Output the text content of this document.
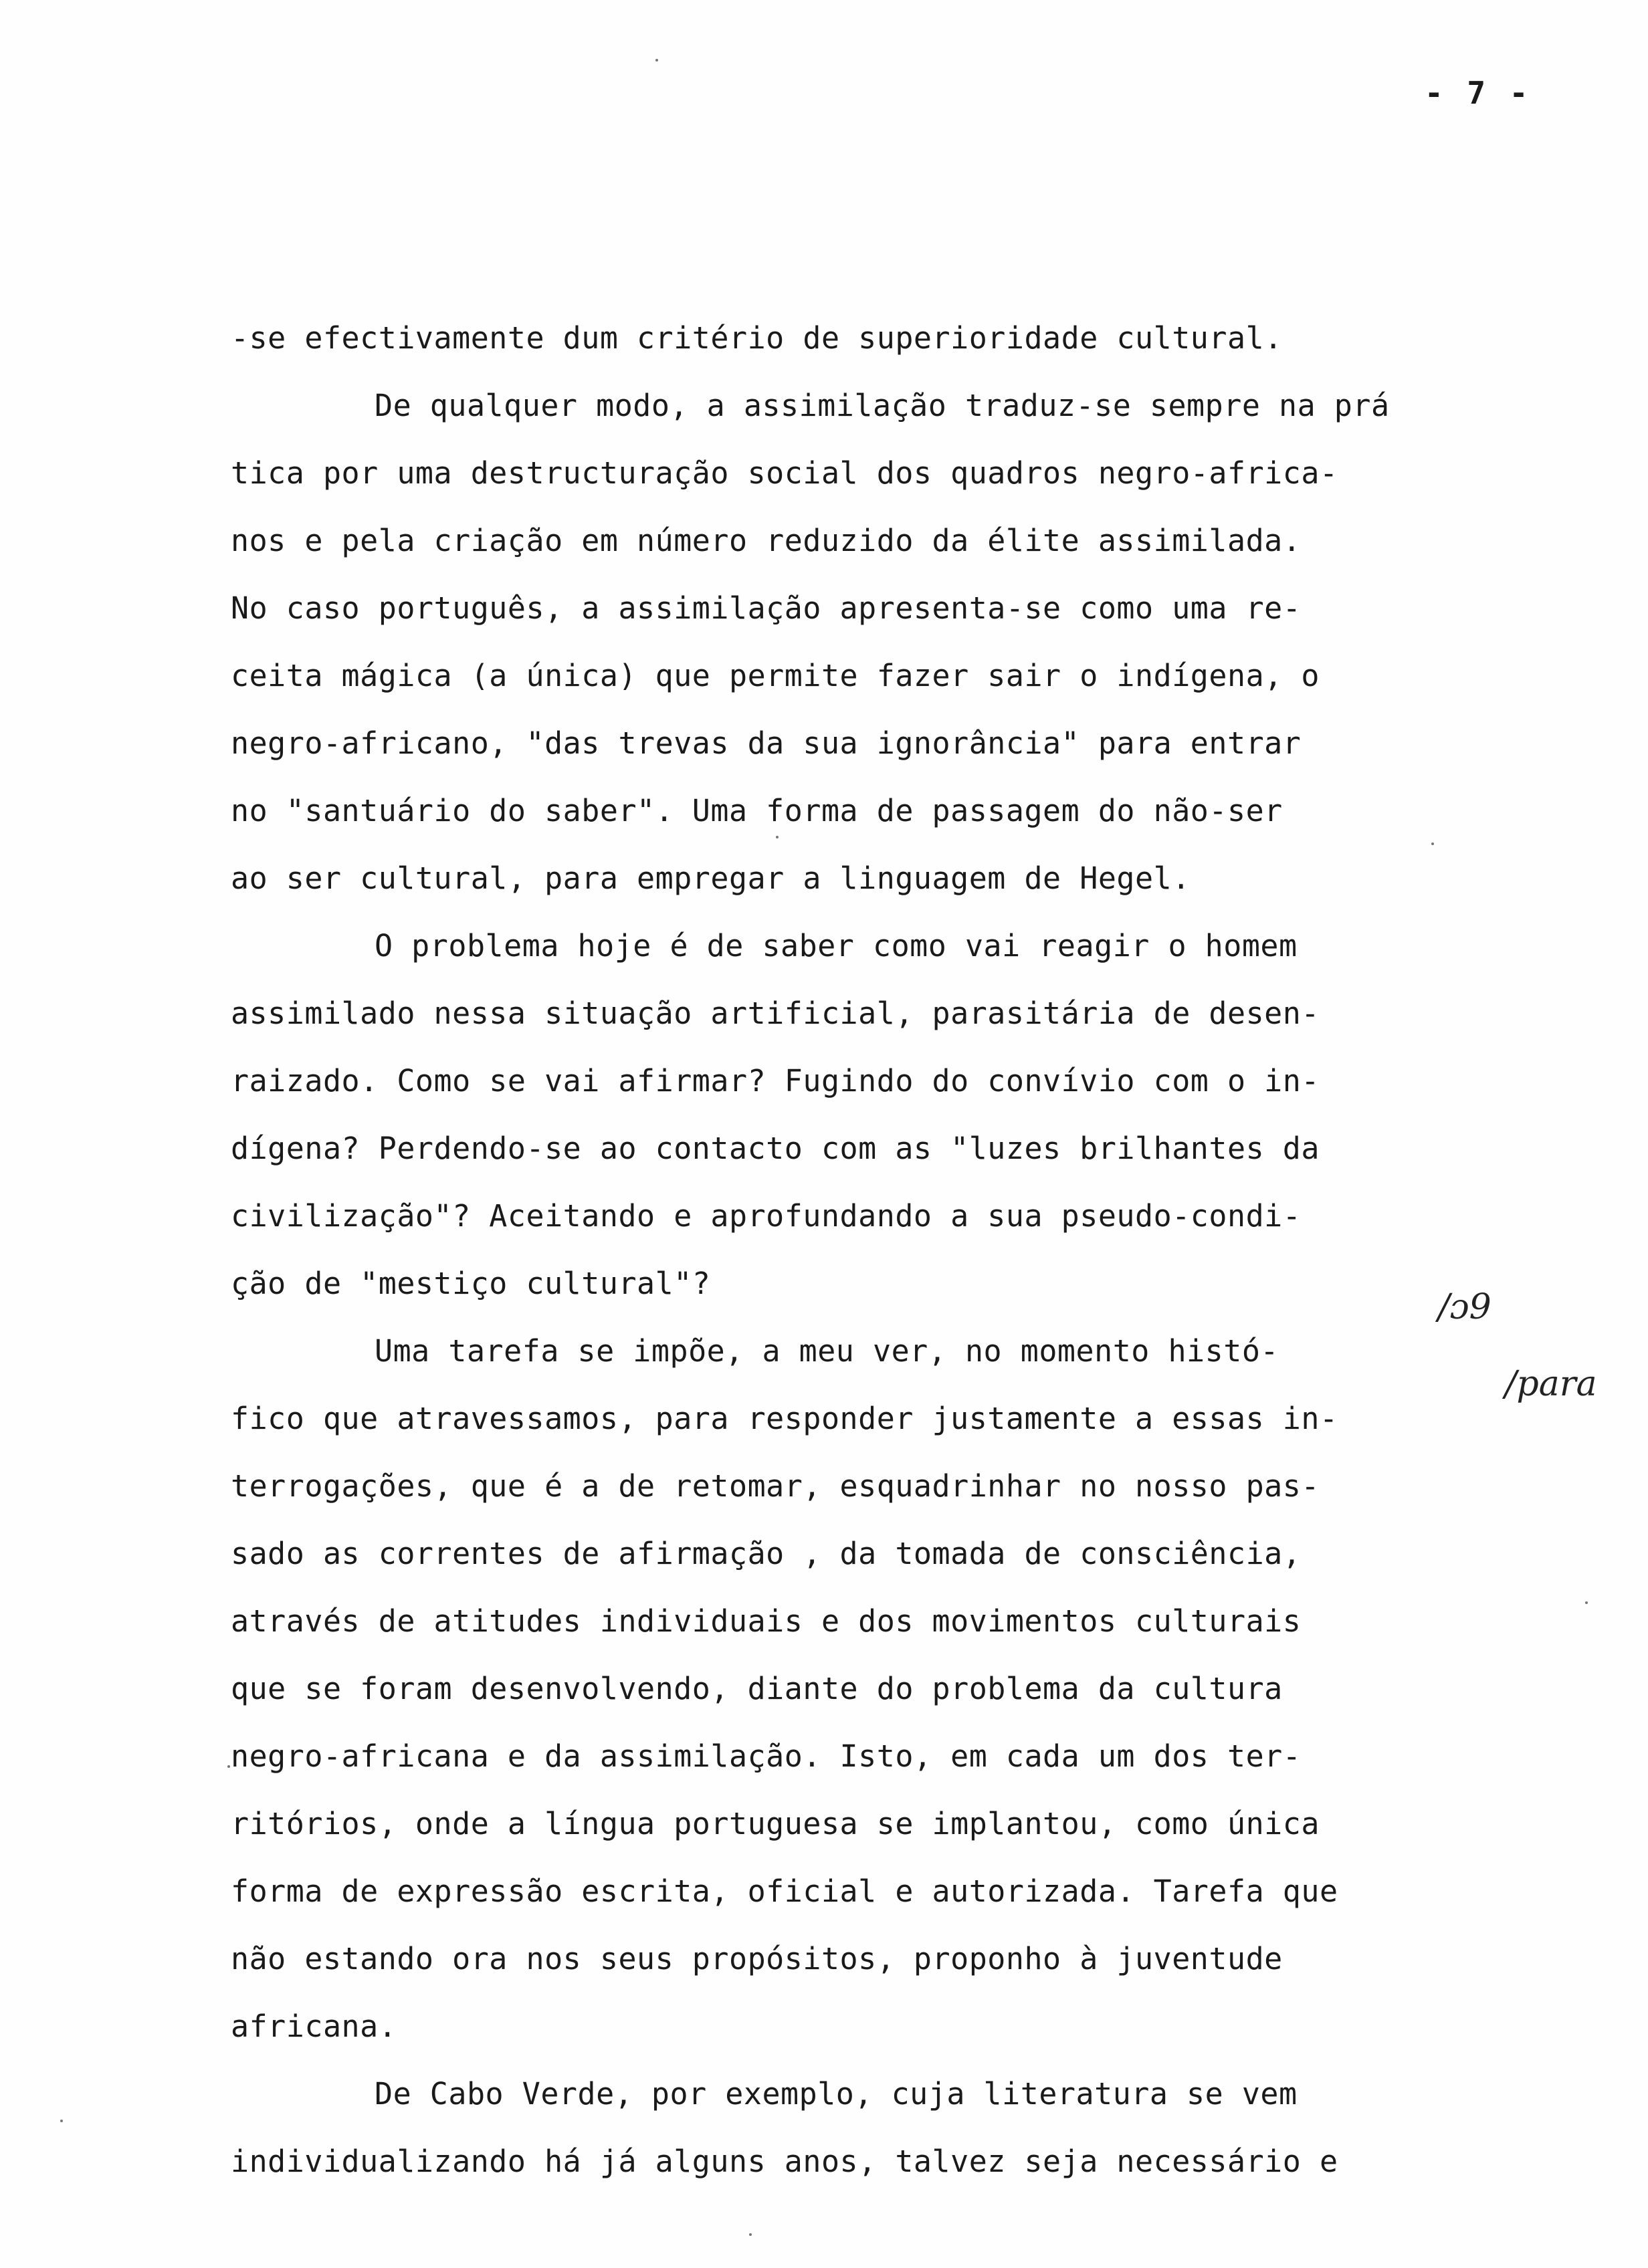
- 7 -
-se efectivamente dum critério de superioridade cultural.
De qualquer modo, a assimilação traduz-se sempre na prá
tica por uma destructuração social dos quadros negro-africa-
nos e pela criação em número reduzido da élite assimilada.
No caso português, a assimilação apresenta-se como uma re-
ceita mágica (a única) que permite fazer sair o indígena, o
negro-africano, "das trevas da sua ignorância" para entrar
no "santuário do saber". Uma forma de passagem do não-ser
ao ser cultural, para empregar a linguagem de Hegel.
O problema hoje é de saber como vai reagir o homem
assimilado nessa situação artificial, parasitária de desen-
raizado. Como se vai afirmar? Fugindo do convívio com o in-
dígena? Perdendo-se ao contacto com as "luzes brilhantes da
civilização"? Aceitando e aprofundando a sua pseudo-condi-
ção de "mestiço cultural"?
Uma tarefa se impõe, a meu ver, no momento histó-
fico que atravessamos, para responder justamente a essas in-
terrogações, que é a de retomar, esquadrinhar no nosso pas-
sado as correntes de afirmação , da tomada de consciência,
através de atitudes individuais e dos movimentos culturais
que se foram desenvolvendo, diante do problema da cultura
negro-africana e da assimilação. Isto, em cada um dos ter-
ritórios, onde a língua portuguesa se implantou, como única
forma de expressão escrita, oficial e autorizada. Tarefa que
não estando ora nos seus propósitos, proponho à juventude
africana.
De Cabo Verde, por exemplo, cuja literatura se vem
individualizando há já alguns anos, talvez seja necessário e
/ɔ9
/para
